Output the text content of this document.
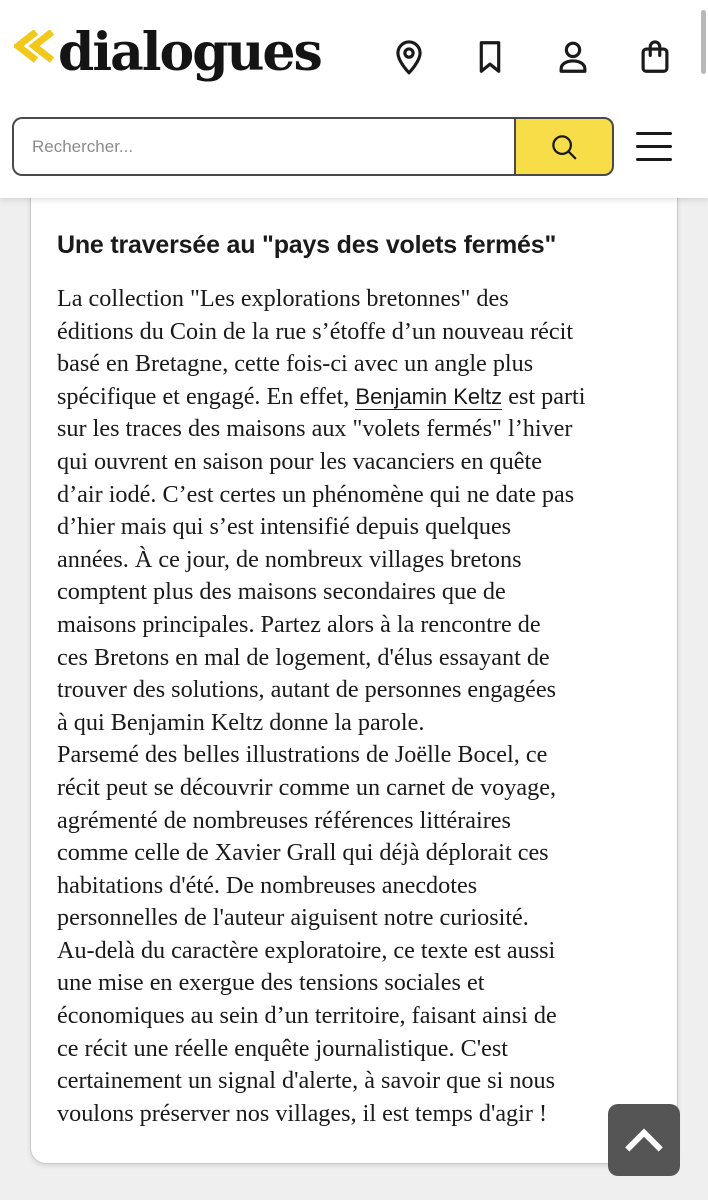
dialogues
Rechercher...
Une traversée au "pays des volets fermés"
La collection "Les explorations bretonnes" des
éditions du Coin de la rue s’étoffe d’un nouveau récit
basé en Bretagne, cette fois-ci avec un angle plus
spécifique et engagé. En effet, Benjamin Keltz est parti
sur les traces des maisons aux "volets fermés" l’hiver
qui ouvrent en saison pour les vacanciers en quête
d’air iodé. C’est certes un phénomène qui ne date pas
d’hier mais qui s’est intensifié depuis quelques
années. À ce jour, de nombreux villages bretons
comptent plus des maisons secondaires que de
maisons principales. Partez alors à la rencontre de
ces Bretons en mal de logement, d'élus essayant de
trouver des solutions, autant de personnes engagées
à qui Benjamin Keltz donne la parole.
Parsemé des belles illustrations de Joëlle Bocel, ce
récit peut se découvrir comme un carnet de voyage,
agrémenté de nombreuses références littéraires
comme celle de Xavier Grall qui déjà déplorait ces
habitations d'été. De nombreuses anecdotes
personnelles de l'auteur aiguisent notre curiosité.
Au-delà du caractère exploratoire, ce texte est aussi
une mise en exergue des tensions sociales et
économiques au sein d’un territoire, faisant ainsi de
ce récit une réelle enquête journalistique. C'est
certainement un signal d'alerte, à savoir que si nous
voulons préserver nos villages, il est temps d'agir !
